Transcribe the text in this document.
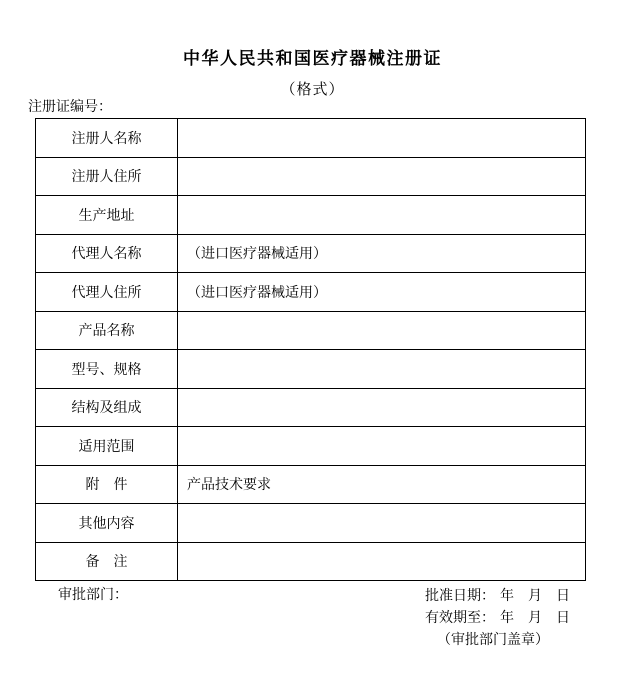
中华人民共和国医疗器械注册证
（格式）
注册证编号：
注册人名称	
注册人住所	
生产地址	
代理人名称	（进口医疗器械适用）
代理人住所	（进口医疗器械适用）
产品名称	
型号、规格	
结构及组成	
适用范围	
附　件	产品技术要求
其他内容	
备　注	
审批部门：	批准日期： 年　月　日
有效期至： 年　月　日
（审批部门盖章）
